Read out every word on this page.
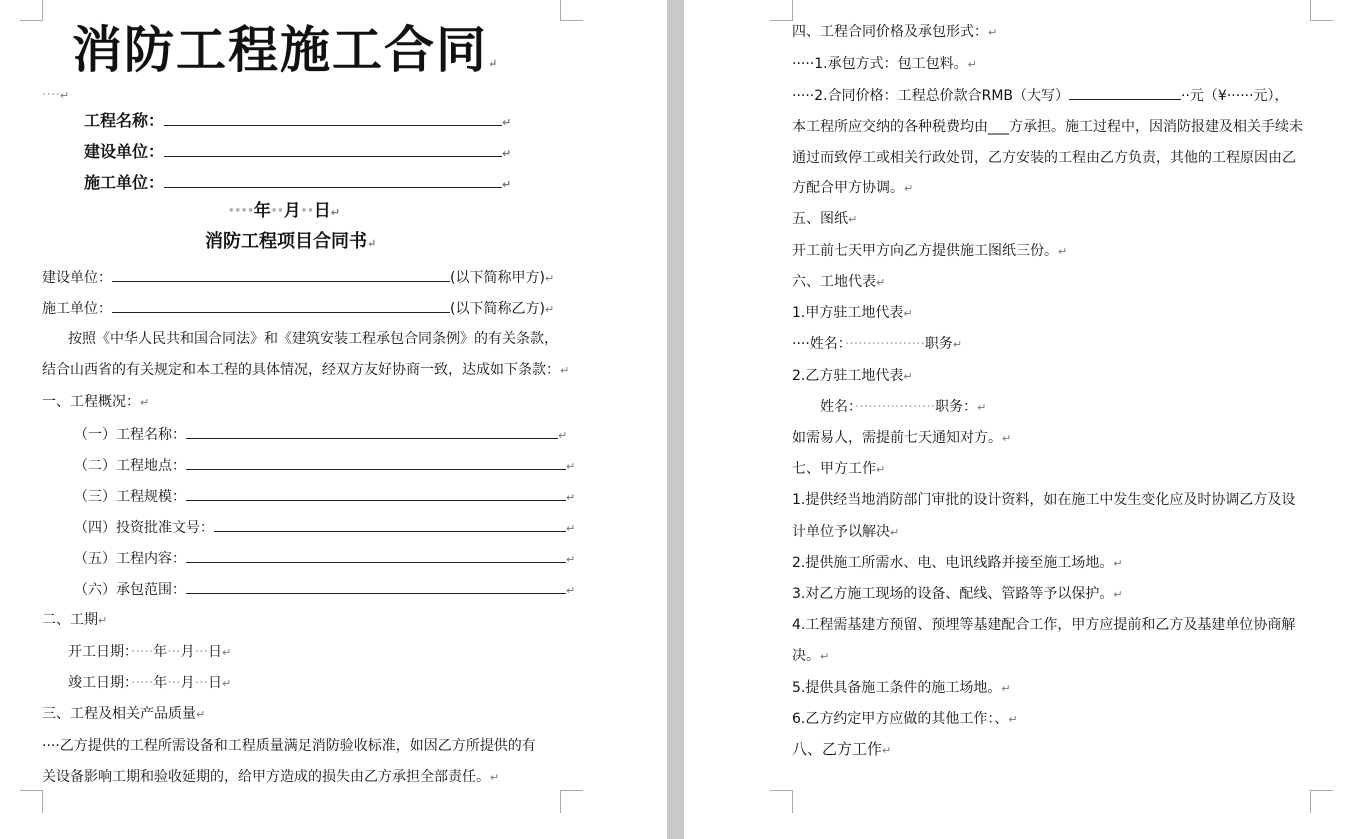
消防工程施工合同↵
····↵
工程名称：	↵
建设单位：	↵
施工单位：	↵
····年··月··日↵
消防工程项目合同书↵
建设单位：	(以下简称甲方)↵
施工单位：	(以下简称乙方)↵
按照《中华人民共和国合同法》和《建筑安装工程承包合同条例》的有关条款，
结合山西省的有关规定和本工程的具体情况，经双方友好协商一致，达成如下条款：↵
一、工程概况：↵
（一）工程名称：	↵
（二）工程地点：	↵
（三）工程规模：	↵
（四）投资批准文号：	↵
（五）工程内容：	↵
（六）承包范围：	↵
二、工期↵
开工日期：·····年···月···日↵
竣工日期：·····年···月···日↵
三、工程及相关产品质量↵
····乙方提供的工程所需设备和工程质量满足消防验收标准，如因乙方所提供的有
关设备影响工期和验收延期的，给甲方造成的损失由乙方承担全部责任。↵
四、工程合同价格及承包形式：↵
·····1.承包方式：包工包料。↵
·····2.合同价格：工程总价款合RMB（大写）	··元（¥······元），
本工程所应交纳的各种税费均由___方承担。施工过程中，因消防报建及相关手续未
通过而致停工或相关行政处罚，乙方安装的工程由乙方负责，其他的工程原因由乙
方配合甲方协调。↵
五、图纸↵
开工前七天甲方向乙方提供施工图纸三份。↵
六、工地代表↵
1.甲方驻工地代表↵
····姓名：··················职务↵
2.乙方驻工地代表↵
姓名：··················职务：↵
如需易人，需提前七天通知对方。↵
七、甲方工作↵
1.提供经当地消防部门审批的设计资料，如在施工中发生变化应及时协调乙方及设
计单位予以解决↵
2.提供施工所需水、电、电讯线路并接至施工场地。↵
3.对乙方施工现场的设备、配线、管路等予以保护。↵
4.工程需基建方预留、预埋等基建配合工作，甲方应提前和乙方及基建单位协商解
决。↵
5.提供具备施工条件的施工场地。↵
6.乙方约定甲方应做的其他工作：、↵
八、乙方工作↵
